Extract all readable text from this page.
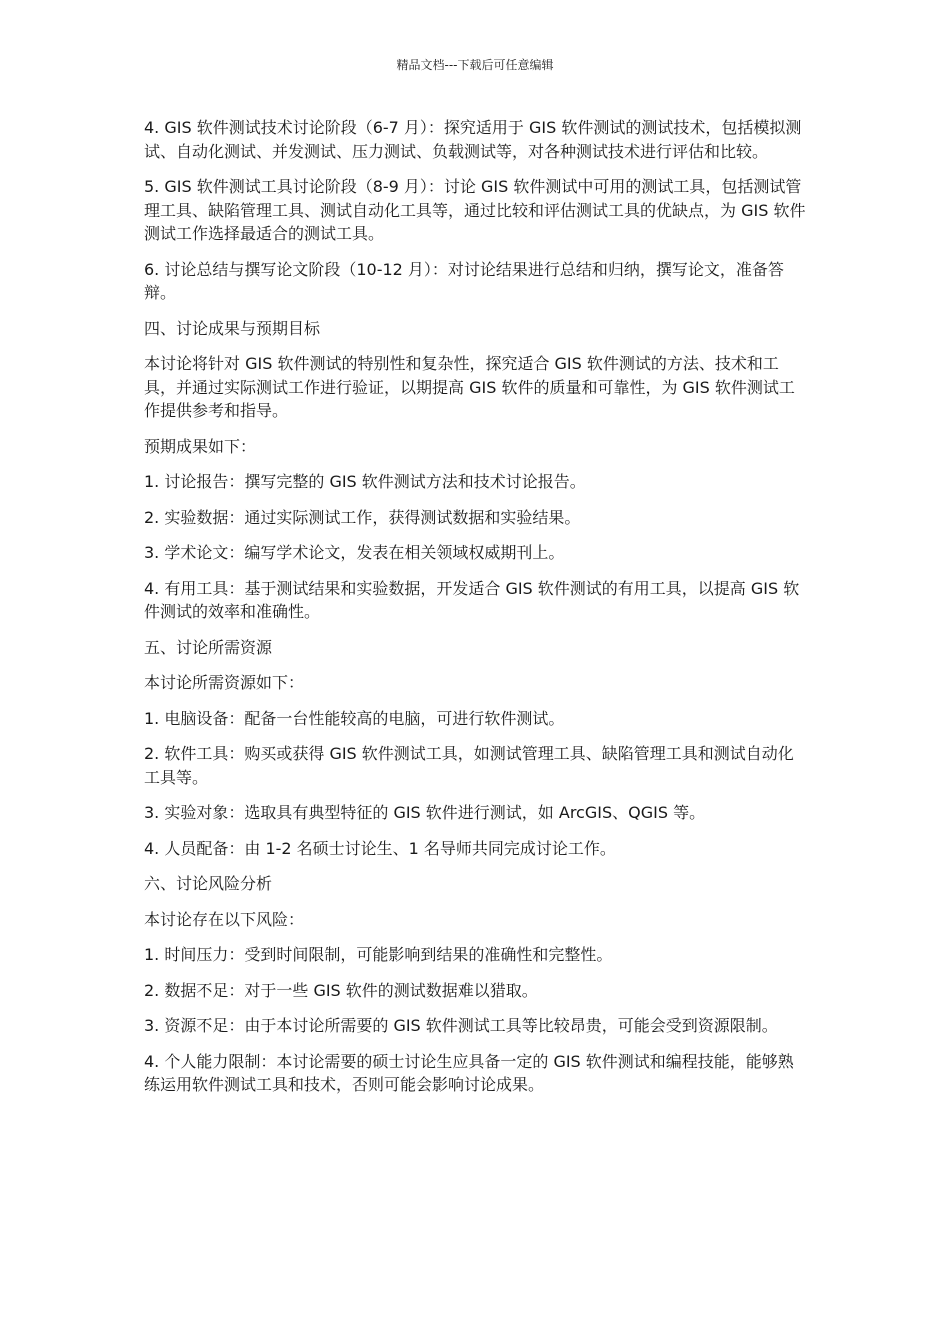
精品文档---下载后可任意编辑

4. GIS 软件测试技术讨论阶段（6-7 月）：探究适用于 GIS 软件测试的测试技术，包括模拟测试、自动化测试、并发测试、压力测试、负载测试等，对各种测试技术进行评估和比较。

5. GIS 软件测试工具讨论阶段（8-9 月）：讨论 GIS 软件测试中可用的测试工具，包括测试管理工具、缺陷管理工具、测试自动化工具等，通过比较和评估测试工具的优缺点，为 GIS 软件测试工作选择最适合的测试工具。

6. 讨论总结与撰写论文阶段（10-12 月）：对讨论结果进行总结和归纳，撰写论文，准备答辩。

四、讨论成果与预期目标

本讨论将针对 GIS 软件测试的特别性和复杂性，探究适合 GIS 软件测试的方法、技术和工具，并通过实际测试工作进行验证，以期提高 GIS 软件的质量和可靠性，为 GIS 软件测试工作提供参考和指导。

预期成果如下：

1. 讨论报告：撰写完整的 GIS 软件测试方法和技术讨论报告。

2. 实验数据：通过实际测试工作，获得测试数据和实验结果。

3. 学术论文：编写学术论文，发表在相关领域权威期刊上。

4. 有用工具：基于测试结果和实验数据，开发适合 GIS 软件测试的有用工具，以提高 GIS 软件测试的效率和准确性。

五、讨论所需资源

本讨论所需资源如下：

1. 电脑设备：配备一台性能较高的电脑，可进行软件测试。

2. 软件工具：购买或获得 GIS 软件测试工具，如测试管理工具、缺陷管理工具和测试自动化工具等。

3. 实验对象：选取具有典型特征的 GIS 软件进行测试，如 ArcGIS、QGIS 等。

4. 人员配备：由 1-2 名硕士讨论生、1 名导师共同完成讨论工作。

六、讨论风险分析

本讨论存在以下风险：

1. 时间压力：受到时间限制，可能影响到结果的准确性和完整性。

2. 数据不足：对于一些 GIS 软件的测试数据难以猎取。

3. 资源不足：由于本讨论所需要的 GIS 软件测试工具等比较昂贵，可能会受到资源限制。

4. 个人能力限制：本讨论需要的硕士讨论生应具备一定的 GIS 软件测试和编程技能，能够熟练运用软件测试工具和技术，否则可能会影响讨论成果。
